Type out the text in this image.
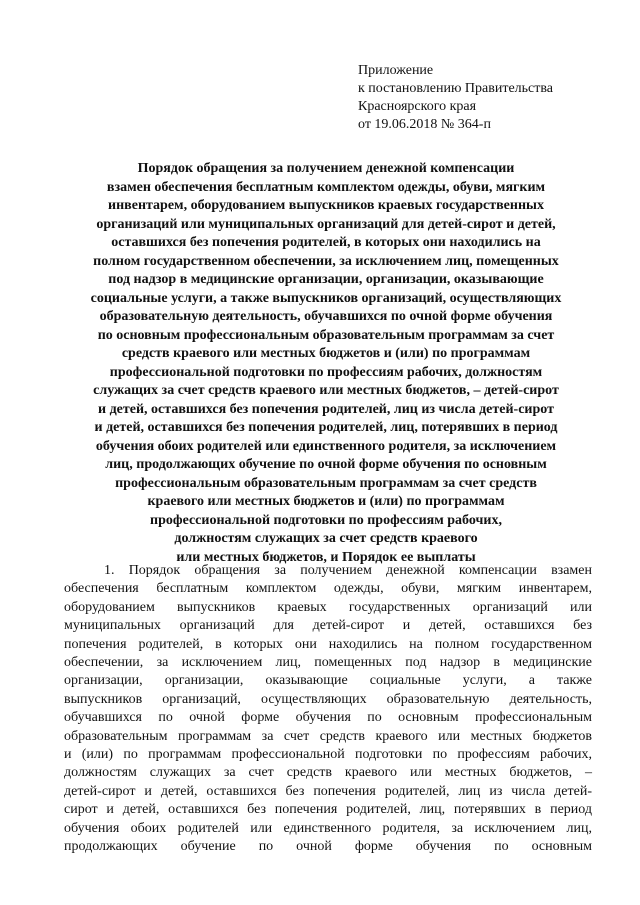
Приложение
к постановлению Правительства
Красноярского края
от 19.06.2018 № 364-п
Порядок обращения за получением денежной компенсации
взамен обеспечения бесплатным комплектом одежды, обуви, мягким
инвентарем, оборудованием выпускников краевых государственных
организаций или муниципальных организаций для детей-сирот и детей,
оставшихся без попечения родителей, в которых они находились на
полном государственном обеспечении, за исключением лиц, помещенных
под надзор в медицинские организации, организации, оказывающие
социальные услуги, а также выпускников организаций, осуществляющих
образовательную деятельность, обучавшихся по очной форме обучения
по основным профессиональным образовательным программам за счет
средств краевого или местных бюджетов и (или) по программам
профессиональной подготовки по профессиям рабочих, должностям
служащих за счет средств краевого или местных бюджетов, – детей-сирот
и детей, оставшихся без попечения родителей, лиц из числа детей-сирот
и детей, оставшихся без попечения родителей, лиц, потерявших в период
обучения обоих родителей или единственного родителя, за исключением
лиц, продолжающих обучение по очной форме обучения по основным
профессиональным образовательным программам за счет средств
краевого или местных бюджетов и (или) по программам
профессиональной подготовки по профессиям рабочих,
должностям служащих за счет средств краевого
или местных бюджетов, и Порядок ее выплаты
1. Порядок обращения за получением денежной компенсации взамен
обеспечения бесплатным комплектом одежды, обуви, мягким инвентарем,
оборудованием выпускников краевых государственных организаций или
муниципальных организаций для детей-сирот и детей, оставшихся без
попечения родителей, в которых они находились на полном государственном
обеспечении, за исключением лиц, помещенных под надзор в медицинские
организации, организации, оказывающие социальные услуги, а также
выпускников организаций, осуществляющих образовательную деятельность,
обучавшихся по очной форме обучения по основным профессиональным
образовательным программам за счет средств краевого или местных бюджетов
и (или) по программам профессиональной подготовки по профессиям рабочих,
должностям служащих за счет средств краевого или местных бюджетов, –
детей-сирот и детей, оставшихся без попечения родителей, лиц из числа детей-
сирот и детей, оставшихся без попечения родителей, лиц, потерявших в период
обучения обоих родителей или единственного родителя, за исключением лиц,
продолжающих обучение по очной форме обучения по основным
